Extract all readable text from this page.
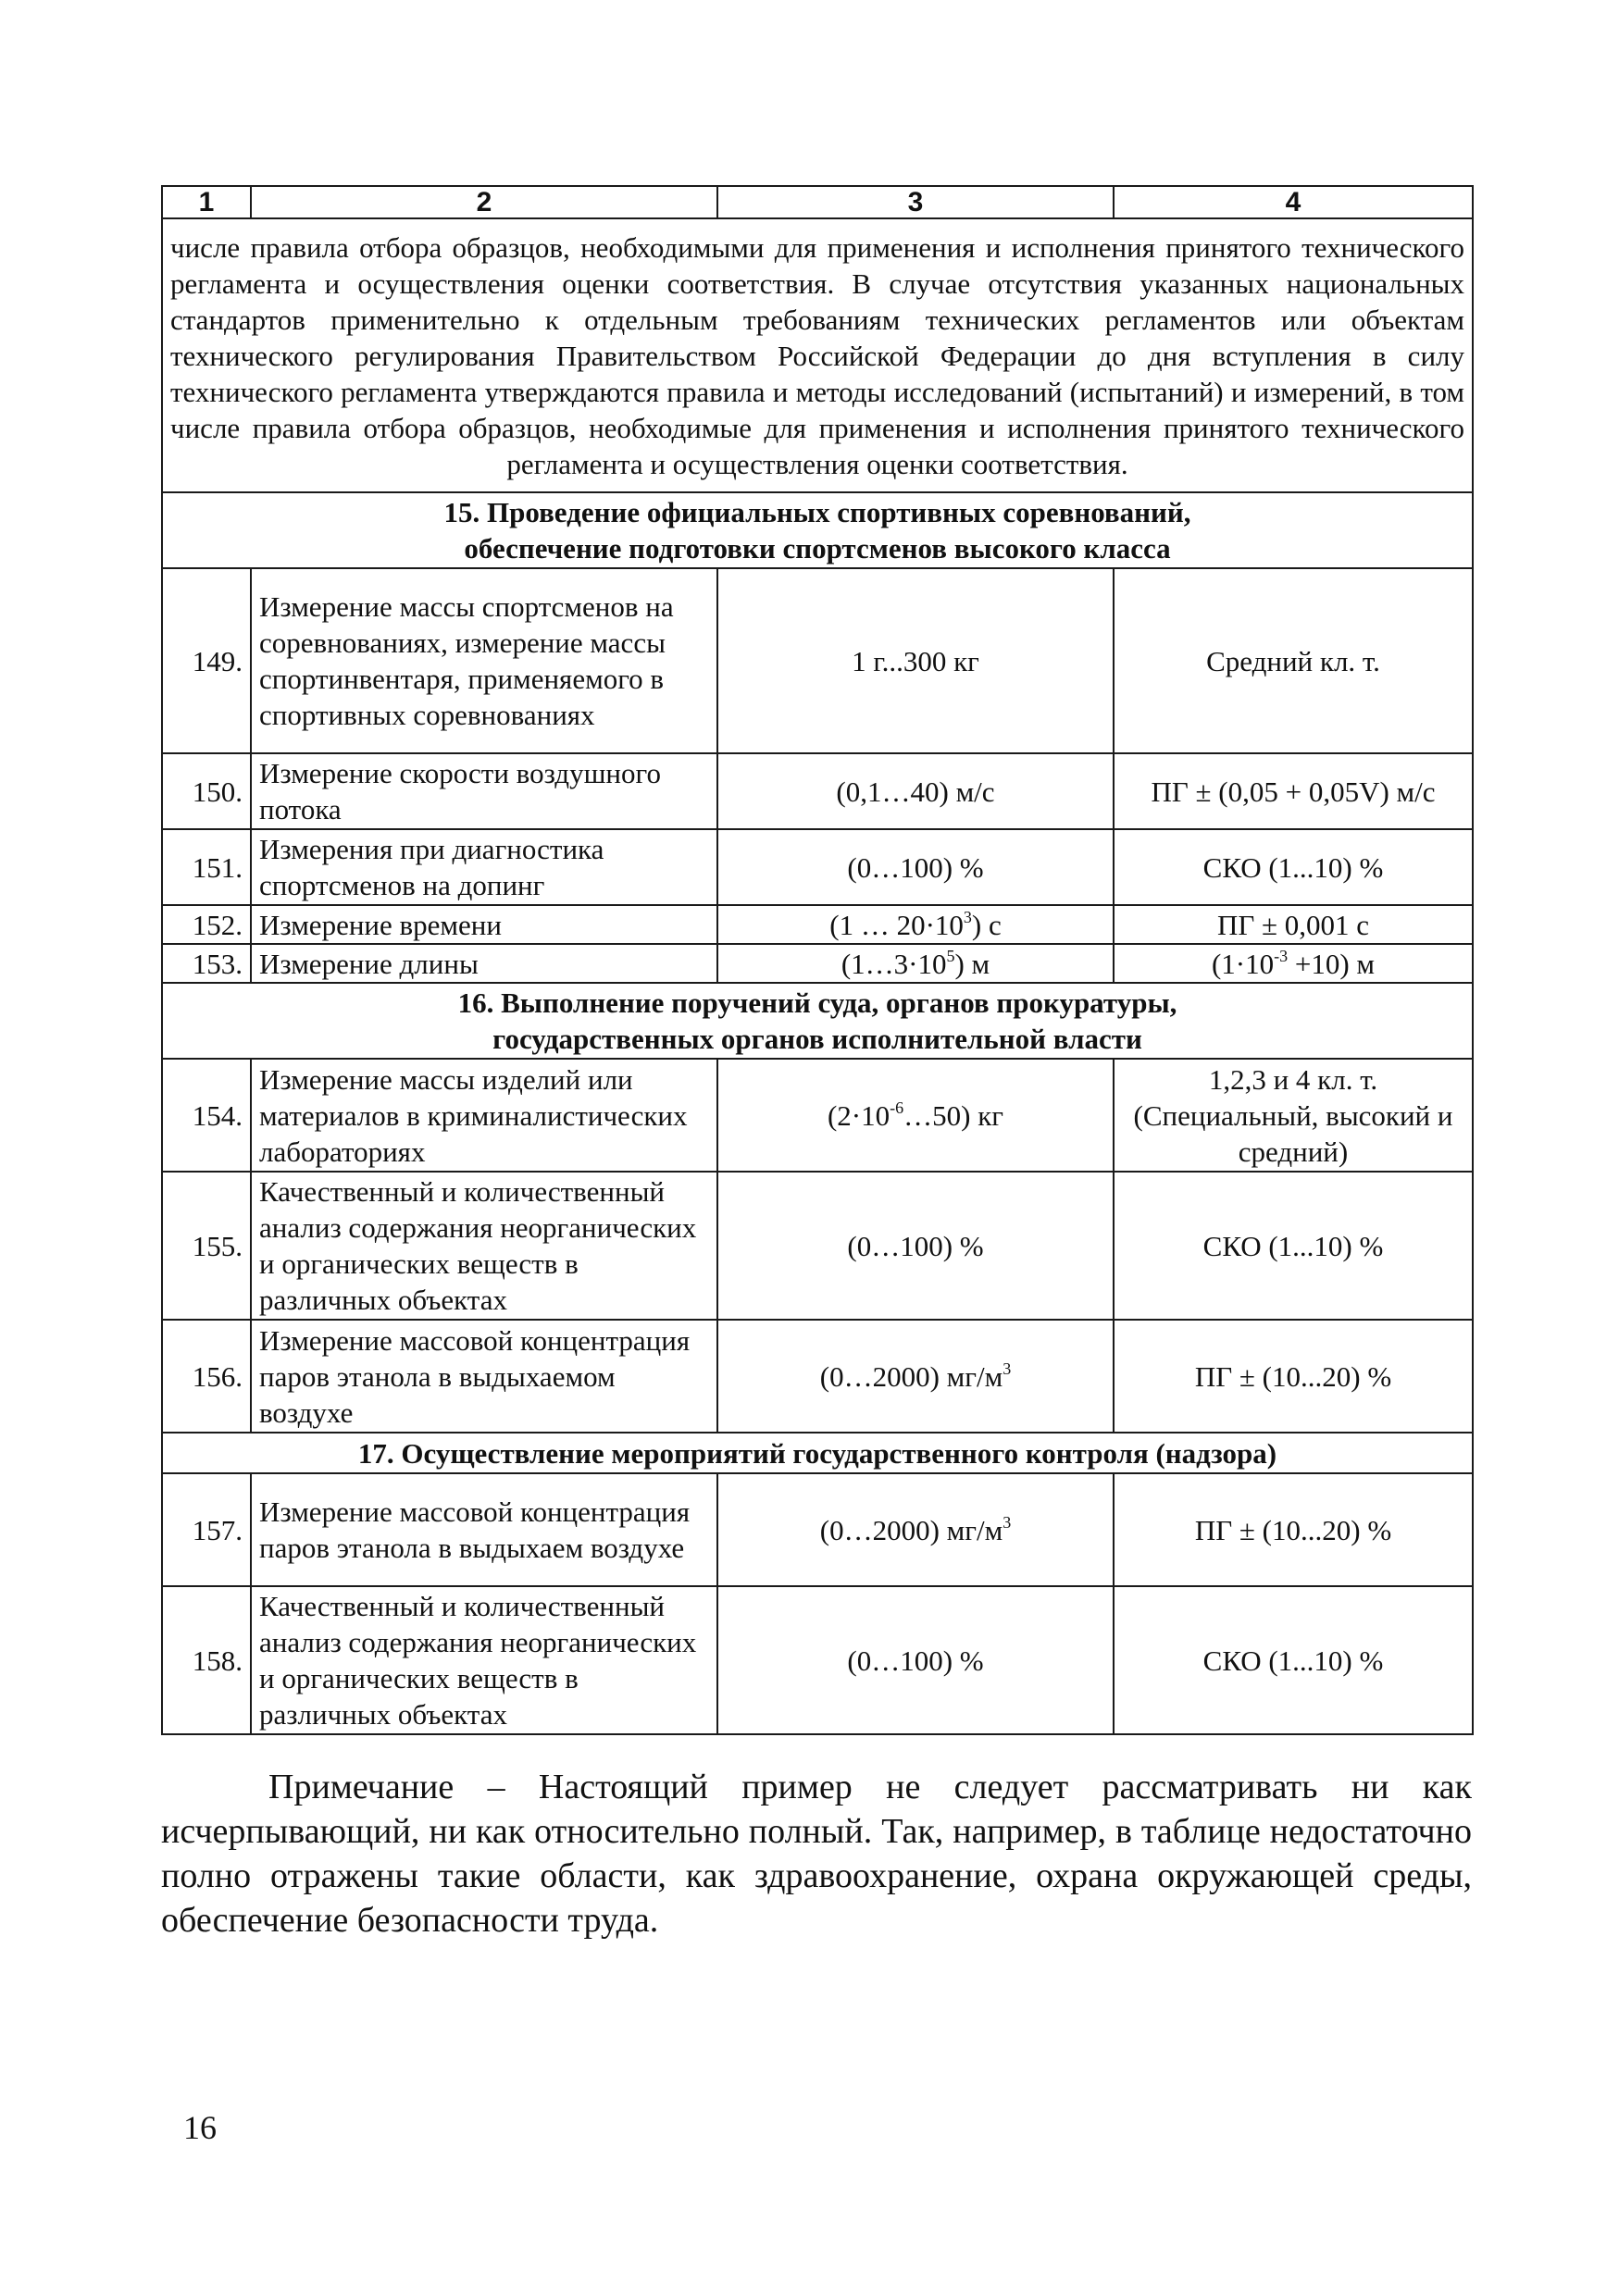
1	2	3	4
числе правила отбора образцов, необходимыми для применения и исполнения принятого технического регламента и осуществления оценки соответствия. В случае отсутствия указанных национальных стандартов применительно к отдельным требованиям технических регламентов или объектам технического регулирования Правительством Российской Федерации до дня вступления в силу технического регламента утверждаются правила и методы исследований (испытаний) и измерений, в том числе правила отбора образцов, необходимые для применения и исполнения принятого технического регламента и осуществления оценки соответствия.			

15. Проведение официальных спортивных соревнований,
обеспечение подготовки спортсменов высокого класса			

149.	Измерение массы спортсменов на соревнованиях, измерение массы спортинвентаря, применяемого в спортивных соревнованиях	1 г...300 кг	Средний кл. т.
150.	Измерение скорости воздушного потока	(0,1…40) м/с	ПГ ± (0,05 + 0,05V) м/с
151.	Измерения при диагностика спортсменов на допинг	(0…100) %	СКО (1...10) %
152.	Измерение времени	(1 … $20\cdot 10^3$) с	ПГ ± 0,001 с
153.	Измерение длины	$(1\dots 3\cdot 10^5)$ м	$(1\cdot 10^{-3} +10)$ м

16. Выполнение поручений суда, органов прокуратуры,
государственных органов исполнительной власти			

154.	Измерение массы изделий или материалов в криминалистических лабораториях	$(2\cdot 10^{-6}\dots 50)$ кг	1,2,3 и 4 кл. т.
(Специальный, высокий и средний)

155.	Качественный и количественный анализ содержания неорганических и органических веществ в различных объектах	(0…100) %	СКО (1...10) %
156.	Измерение массовой концентрация паров этанола в выдыхаемом воздухе	(0…2000) $мг/м^3$	ПГ ± (10...20) %
17. Осуществление мероприятий государственного контроля (надзора)			
157.	Измерение массовой концентрация паров этанола в выдыхаем воздухе	(0…2000) $мг/м^3$	ПГ ± (10...20) %
158.	Качественный и количественный анализ содержания неорганических и органических веществ в различных объектах	(0…100) %	СКО (1...10) %

Примечание – Настоящий пример не следует рассматривать ни как исчерпывающий, ни как относительно полный. Так, например, в таблице недостаточно полно отражены такие области, как здравоохранение, охрана окружающей среды, обеспечение безопасности труда.

16
